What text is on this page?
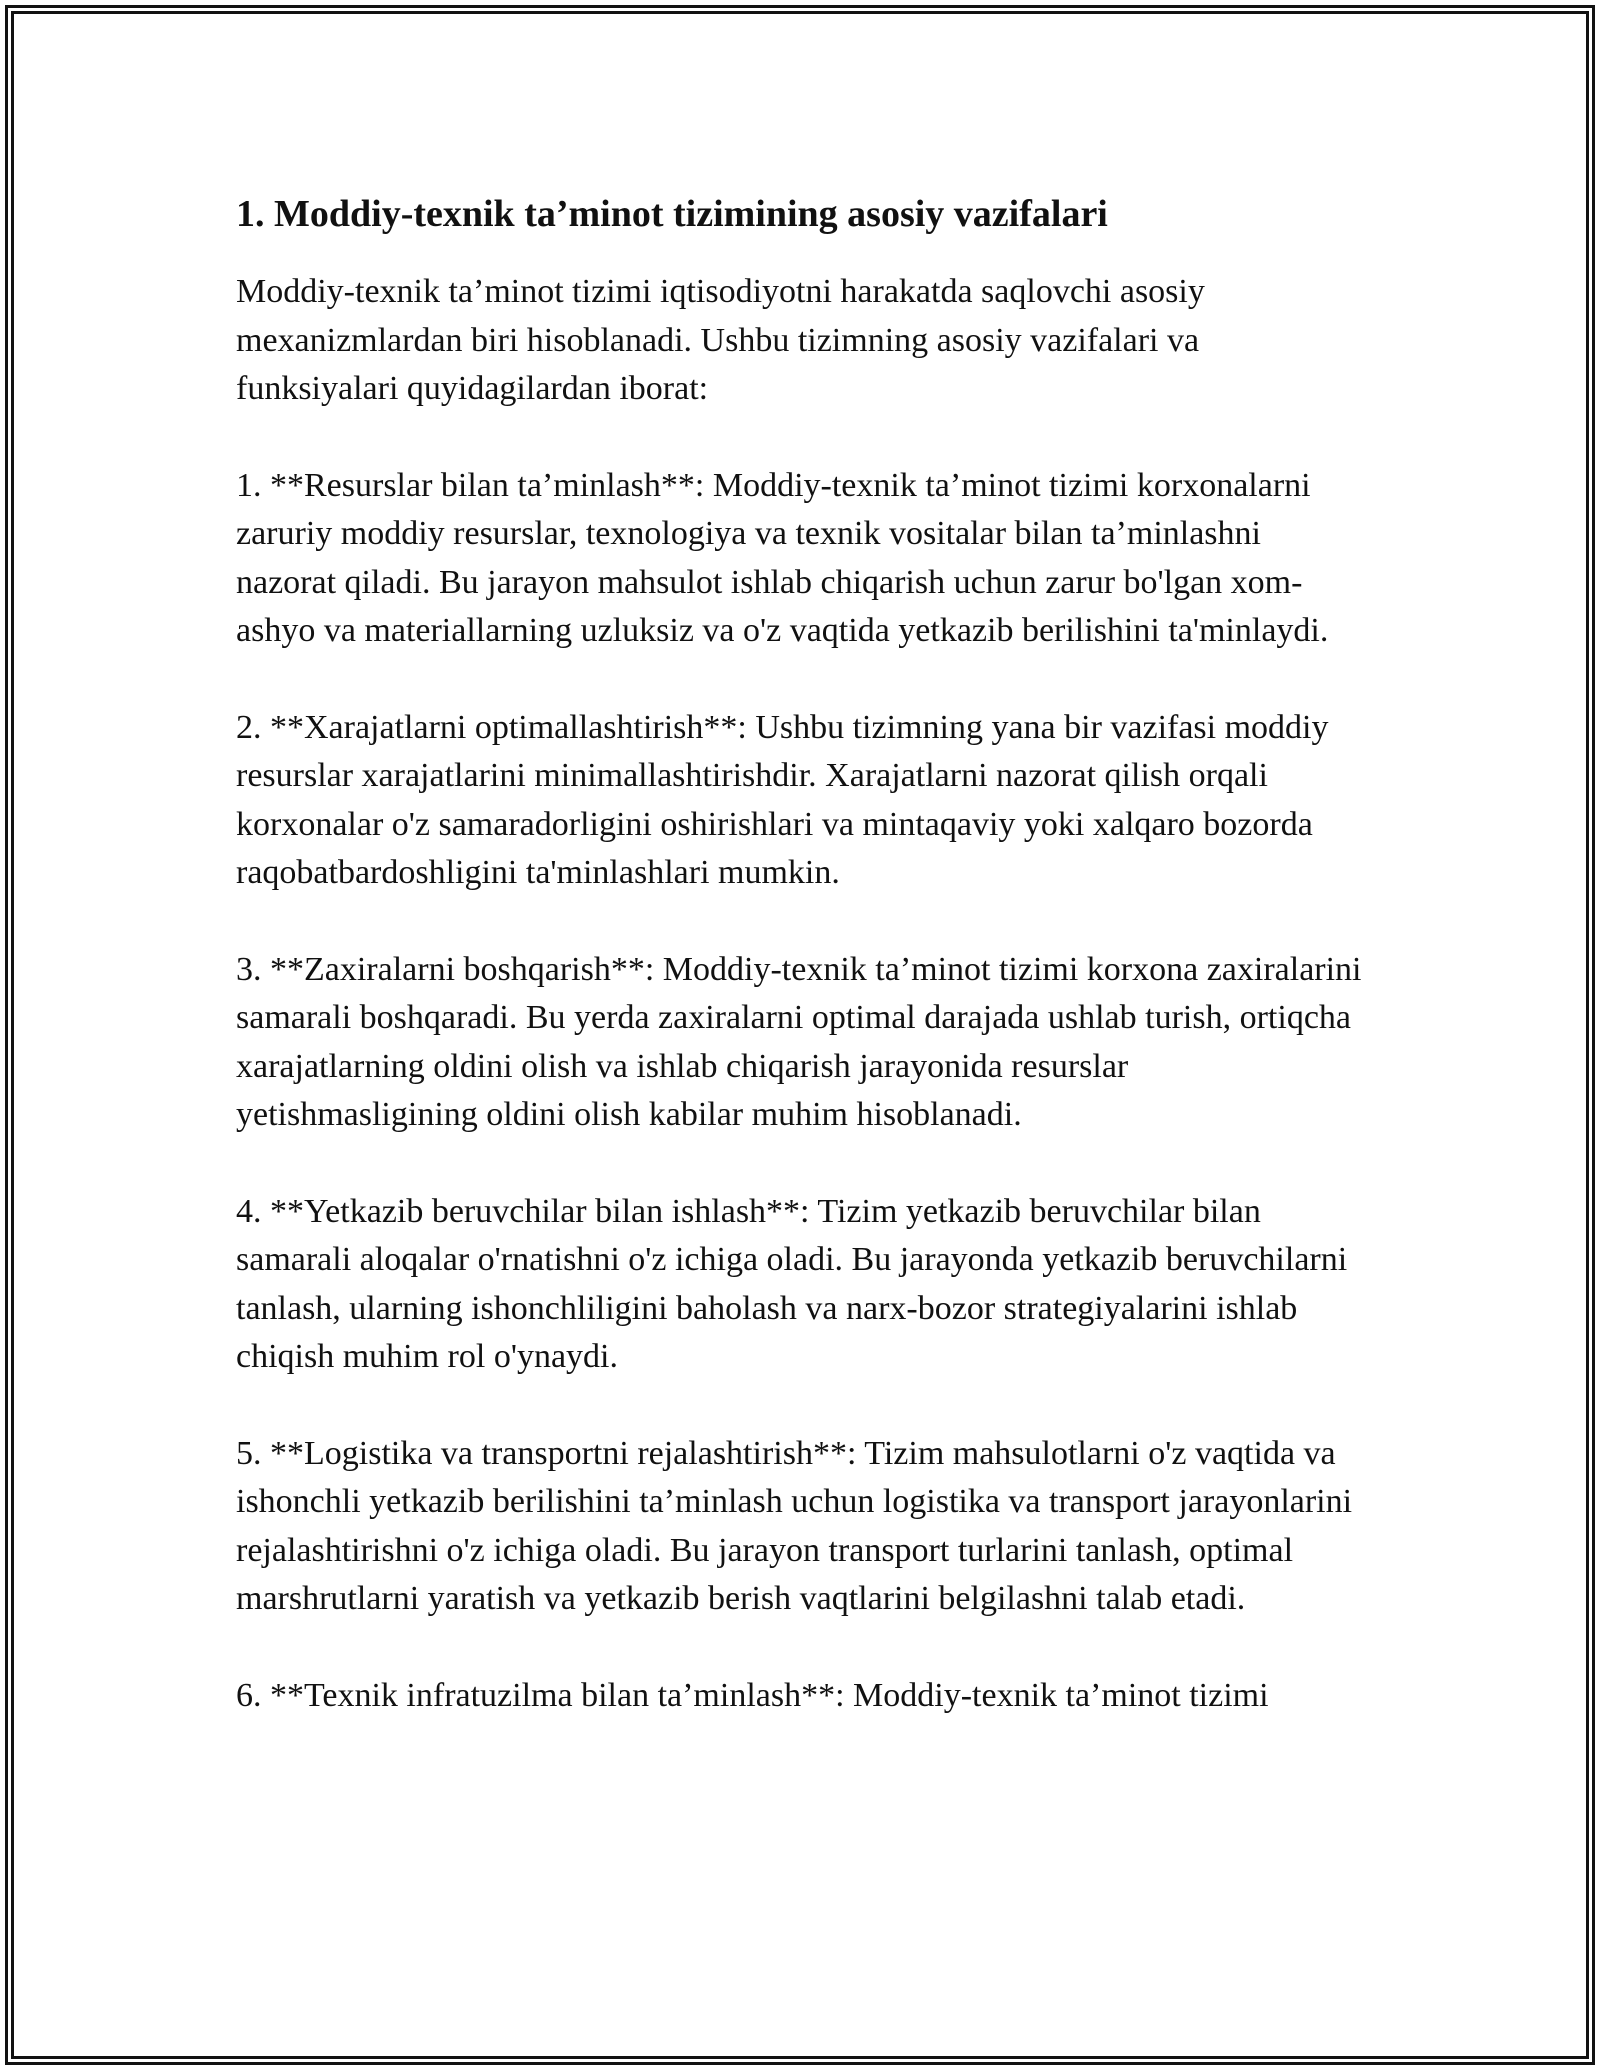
1. Moddiy-texnik ta’minot tizimining asosiy vazifalari

Moddiy-texnik ta’minot tizimi iqtisodiyotni harakatda saqlovchi asosiy mexanizmlardan biri hisoblanadi. Ushbu tizimning asosiy vazifalari va funksiyalari quyidagilardan iborat:

1. **Resurslar bilan ta’minlash**: Moddiy-texnik ta’minot tizimi korxonalarni zaruriy moddiy resurslar, texnologiya va texnik vositalar bilan ta’minlashni nazorat qiladi. Bu jarayon mahsulot ishlab chiqarish uchun zarur bo'lgan xom-ashyo va materiallarning uzluksiz va o'z vaqtida yetkazib berilishini ta'minlaydi.

2. **Xarajatlarni optimallashtirish**: Ushbu tizimning yana bir vazifasi moddiy resurslar xarajatlarini minimallashtirishdir. Xarajatlarni nazorat qilish orqali korxonalar o'z samaradorligini oshirishlari va mintaqaviy yoki xalqaro bozorda raqobatbardoshligini ta'minlashlari mumkin.

3. **Zaxiralarni boshqarish**: Moddiy-texnik ta’minot tizimi korxona zaxiralarini samarali boshqaradi. Bu yerda zaxiralarni optimal darajada ushlab turish, ortiqcha xarajatlarning oldini olish va ishlab chiqarish jarayonida resurslar yetishmasligining oldini olish kabilar muhim hisoblanadi.

4. **Yetkazib beruvchilar bilan ishlash**: Tizim yetkazib beruvchilar bilan samarali aloqalar o'rnatishni o'z ichiga oladi. Bu jarayonda yetkazib beruvchilarni tanlash, ularning ishonchliligini baholash va narx-bozor strategiyalarini ishlab chiqish muhim rol o'ynaydi.

5. **Logistika va transportni rejalashtirish**: Tizim mahsulotlarni o'z vaqtida va ishonchli yetkazib berilishini ta’minlash uchun logistika va transport jarayonlarini rejalashtirishni o'z ichiga oladi. Bu jarayon transport turlarini tanlash, optimal marshrutlarni yaratish va yetkazib berish vaqtlarini belgilashni talab etadi.

6. **Texnik infratuzilma bilan ta’minlash**: Moddiy-texnik ta’minot tizimi
